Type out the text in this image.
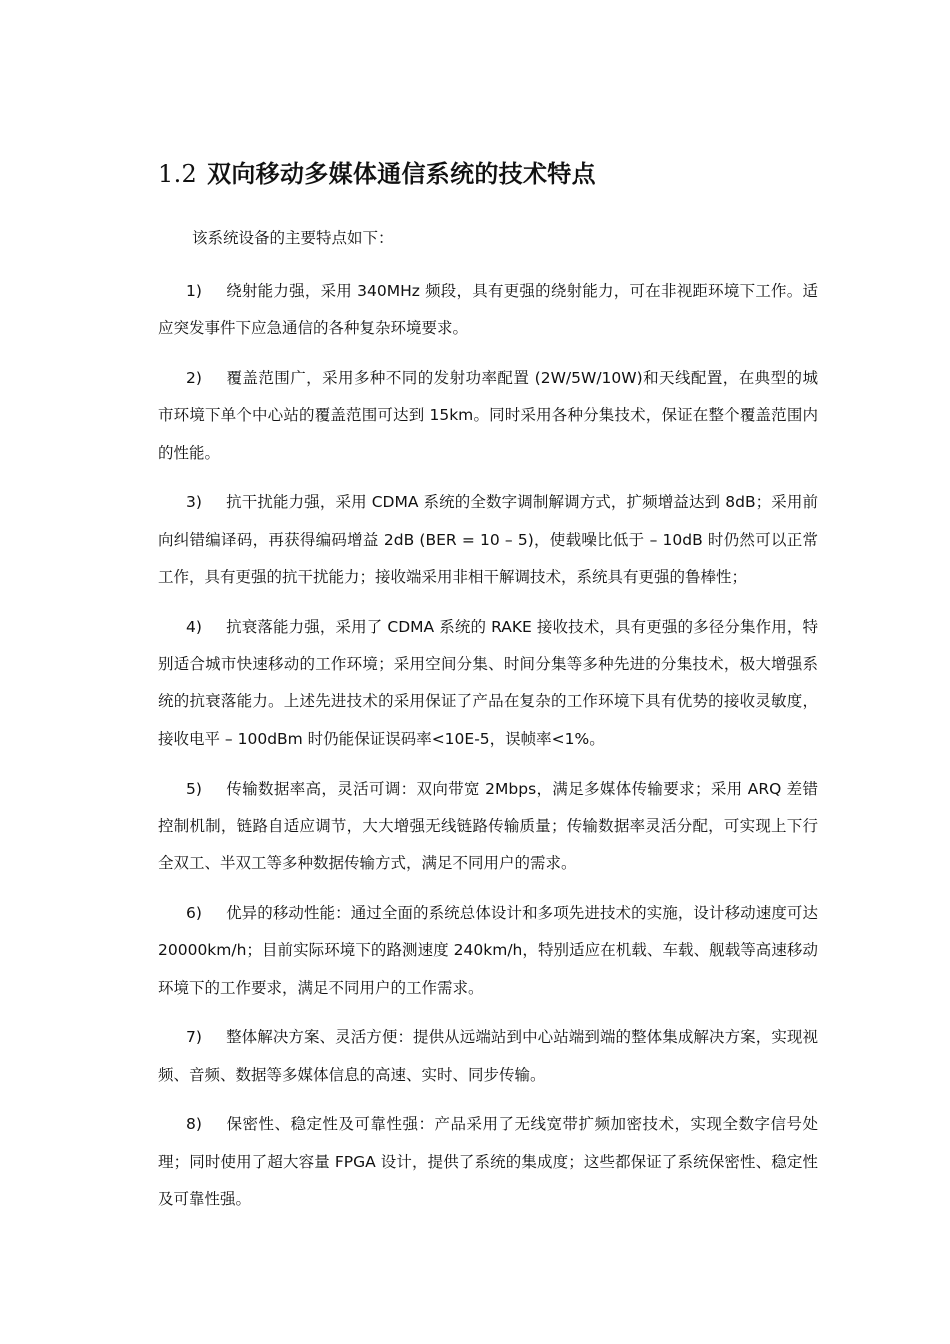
1.2 双向移动多媒体通信系统的技术特点
该系统设备的主要特点如下：

1) 绕射能力强，采用 340MHz 频段，具有更强的绕射能力，可在非视距环境下工作。适应突发事件下应急通信的各种复杂环境要求。

2) 覆盖范围广，采用多种不同的发射功率配置 (2W/5W/10W)和天线配置，在典型的城市环境下单个中心站的覆盖范围可达到 15km。同时采用各种分集技术，保证在整个覆盖范围内的性能。

3) 抗干扰能力强，采用 CDMA 系统的全数字调制解调方式，扩频增益达到 8dB；采用前向纠错编译码，再获得编码增益 2dB (BER = 10 – 5)，使载噪比低于 – 10dB 时仍然可以正常工作，具有更强的抗干扰能力；接收端采用非相干解调技术，系统具有更强的鲁棒性；

4) 抗衰落能力强，采用了 CDMA 系统的 RAKE 接收技术，具有更强的多径分集作用，特别适合城市快速移动的工作环境；采用空间分集、时间分集等多种先进的分集技术，极大增强系统的抗衰落能力。上述先进技术的采用保证了产品在复杂的工作环境下具有优势的接收灵敏度，接收电平 – 100dBm 时仍能保证误码率<10E-5，误帧率<1%。

5) 传输数据率高，灵活可调：双向带宽 2Mbps，满足多媒体传输要求；采用 ARQ 差错控制机制，链路自适应调节，大大增强无线链路传输质量；传输数据率灵活分配，可实现上下行全双工、半双工等多种数据传输方式，满足不同用户的需求。

6) 优异的移动性能：通过全面的系统总体设计和多项先进技术的实施，设计移动速度可达 20000km/h；目前实际环境下的路测速度 240km/h，特别适应在机载、车载、舰载等高速移动环境下的工作要求，满足不同用户的工作需求。

7) 整体解决方案、灵活方便：提供从远端站到中心站端到端的整体集成解决方案，实现视频、音频、数据等多媒体信息的高速、实时、同步传输。

8) 保密性、稳定性及可靠性强：产品采用了无线宽带扩频加密技术，实现全数字信号处理；同时使用了超大容量 FPGA 设计，提供了系统的集成度；这些都保证了系统保密性、稳定性及可靠性强。
